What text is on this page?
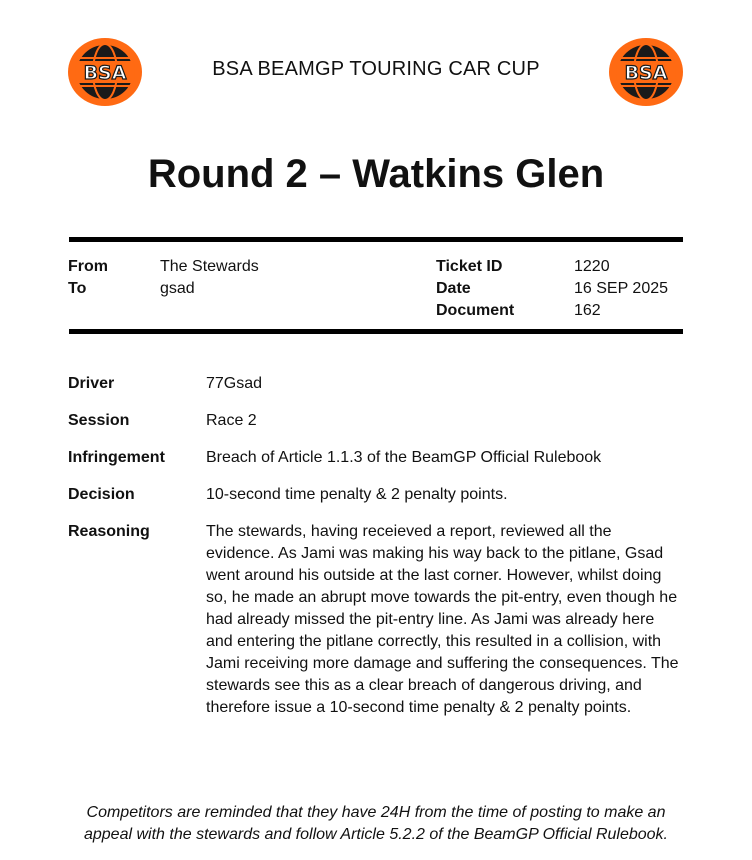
BSA	BSA BEAMGP TOURING CAR CUP	BSA
Round 2 – Watkins Glen
From	The Stewards
To	gsad
Ticket ID	1220
Date	16 SEP 2025
Document	162
Driver	77Gsad
Session	Race 2
Infringement	Breach of Article 1.1.3 of the BeamGP Official Rulebook
Decision	10-second time penalty & 2 penalty points.
Reasoning	The stewards, having receieved a report, reviewed all the evidence. As Jami was making his way back to the pitlane, Gsad went around his outside at the last corner. However, whilst doing so, he made an abrupt move towards the pit-entry, even though he had already missed the pit-entry line. As Jami was already here and entering the pitlane correctly, this resulted in a collision, with Jami receiving more damage and suffering the consequences. The stewards see this as a clear breach of dangerous driving, and therefore issue a 10-second time penalty & 2 penalty points.
Competitors are reminded that they have 24H from the time of posting to make an appeal with the stewards and follow Article 5.2.2 of the BeamGP Official Rulebook.
